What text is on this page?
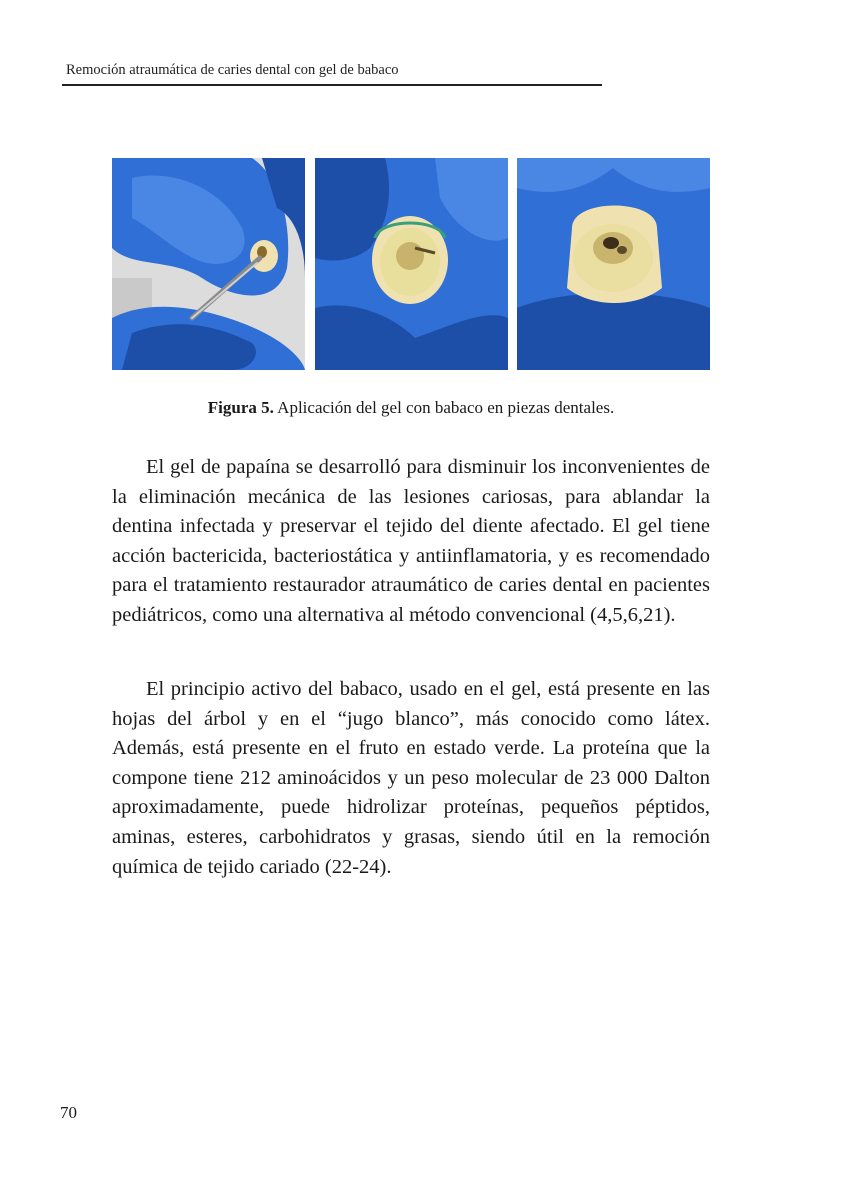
Remoción atraumática de caries dental con gel de babaco
Figura 5. Aplicación del gel con babaco en piezas dentales.

El gel de papaína se desarrolló para disminuir los inconvenientes de la eliminación mecánica de las lesiones cariosas, para ablandar la dentina infectada y preservar el tejido del diente afectado. El gel tiene acción bactericida, bacteriostática y antiinflamatoria, y es recomendado para el tratamiento restaurador atraumático de caries dental en pacientes pediátricos, como una alternativa al método convencional (4,5,6,21).

El principio activo del babaco, usado en el gel, está presente en las hojas del árbol y en el “jugo blanco”, más conocido como látex. Además, está presente en el fruto en estado verde. La proteína que la compone tiene 212 aminoácidos y un peso molecular de 23 000 Dalton aproximadamente, puede hidrolizar proteínas, pequeños péptidos, aminas, esteres, carbohidratos y grasas, siendo útil en la remoción química de tejido cariado (22-24).

70
